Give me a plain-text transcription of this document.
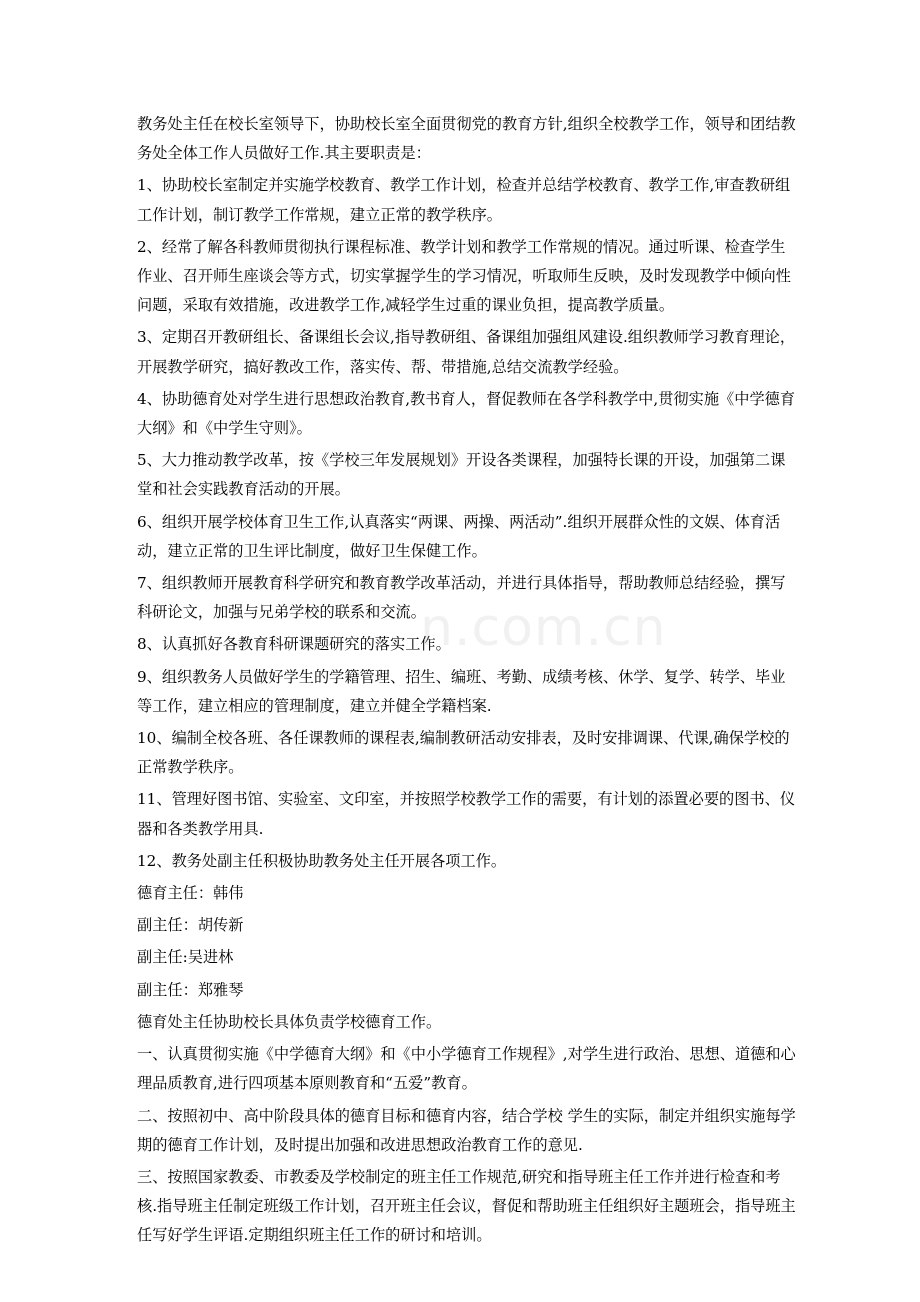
教务处主任在校长室领导下，协助校长室全面贯彻党的教育方针,组织全校教学工作，领导和团结教务处全体工作人员做好工作.其主要职责是：

1、协助校长室制定并实施学校教育、教学工作计划，检查并总结学校教育、教学工作,审查教研组工作计划，制订教学工作常规，建立正常的教学秩序。

2、经常了解各科教师贯彻执行课程标准、教学计划和教学工作常规的情况。通过听课、检查学生作业、召开师生座谈会等方式，切实掌握学生的学习情况，听取师生反映，及时发现教学中倾向性问题，采取有效措施，改进教学工作,减轻学生过重的课业负担，提高教学质量。

3、定期召开教研组长、备课组长会议,指导教研组、备课组加强组风建设.组织教师学习教育理论，开展教学研究，搞好教改工作，落实传、帮、带措施,总结交流教学经验。

4、协助德育处对学生进行思想政治教育,教书育人，督促教师在各学科教学中,贯彻实施《中学德育大纲》和《中学生守则》。

5、大力推动教学改革，按《学校三年发展规划》开设各类课程，加强特长课的开设，加强第二课堂和社会实践教育活动的开展。

6、组织开展学校体育卫生工作,认真落实“两课、两操、两活动”.组织开展群众性的文娱、体育活动，建立正常的卫生评比制度，做好卫生保健工作。

7、组织教师开展教育科学研究和教育教学改革活动，并进行具体指导，帮助教师总结经验，撰写科研论文，加强与兄弟学校的联系和交流。

8、认真抓好各教育科研课题研究的落实工作。

9、组织教务人员做好学生的学籍管理、招生、编班、考勤、成绩考核、休学、复学、转学、毕业等工作，建立相应的管理制度，建立并健全学籍档案.

10、编制全校各班、各任课教师的课程表,编制教研活动安排表，及时安排调课、代课,确保学校的正常教学秩序。

11、管理好图书馆、实验室、文印室，并按照学校教学工作的需要，有计划的添置必要的图书、仪器和各类教学用具.

12、教务处副主任积极协助教务处主任开展各项工作。

德育主任：韩伟

副主任：胡传新

副主任:吴进林

副主任：郑雅琴

德育处主任协助校长具体负责学校德育工作。

一、认真贯彻实施《中学德育大纲》和《中小学德育工作规程》,对学生进行政治、思想、道德和心理品质教育,进行四项基本原则教育和“五爱”教育。

二、按照初中、高中阶段具体的德育目标和德育内容，结合学校 学生的实际，制定并组织实施每学期的德育工作计划，及时提出加强和改进思想政治教育工作的意见.

三、按照国家教委、市教委及学校制定的班主任工作规范,研究和指导班主任工作并进行检查和考核.指导班主任制定班级工作计划，召开班主任会议，督促和帮助班主任组织好主题班会，指导班主任写好学生评语.定期组织班主任工作的研讨和培训。

n.com.cn
